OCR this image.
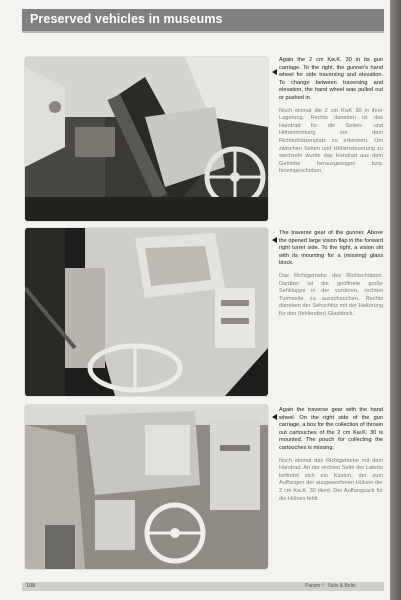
Preserved vehicles in museums

Again the 2 cm Kw.K. 30 in its gun carriage. To the right, the gunner's hand wheel for side traversing and elevation. To change between traversing and elevation, the hand wheel was pulled out or pushed in.

Noch einmal die 2 cm KwK 30 in ihrer Lagerung. Rechts daneben ist das Handrad für die Seiten- und Höhenrichtung vor dem Richtschützenplatz zu erkennen. Um zwischen Seiten und Höhensteuerung zu wechseln wurde das Handrad aus dem Getriebe herausgezogen bzw. hineingeschoben.

The traverse gear of the gunner. Above the opened large vision flap in the forward right turret side. To the right, a vision slit with its mounting for a (missing) glass block.

Das Richtgetriebe des Richtschützen. Darüber ist die geöffnete große Sehklappe in der vorderen, rechten Turmseite zu ausschauchen. Rechts daneben der Sehschlitz mit der Halterung für den (fehlenden) Glasblock.

Again the traverse gear with the hand wheel. On the right side of the gun carriage, a box for the collection of thrown out cartouches of the 2 cm Kw.K. 30 is mounted. The pouch for collecting the cartouches is missing.

Noch einmal das Richtgetriebe mit dem Handrad. An der rechten Seite der Lafette befindet sich ein Kasten, der zum Auffangen der ausgeworfenen Hülsen der 2 cm Kw.K. 30 dient. Der Auffangsack für die Hülsen fehlt.

108	Panzer I · Nuts & Bolts
